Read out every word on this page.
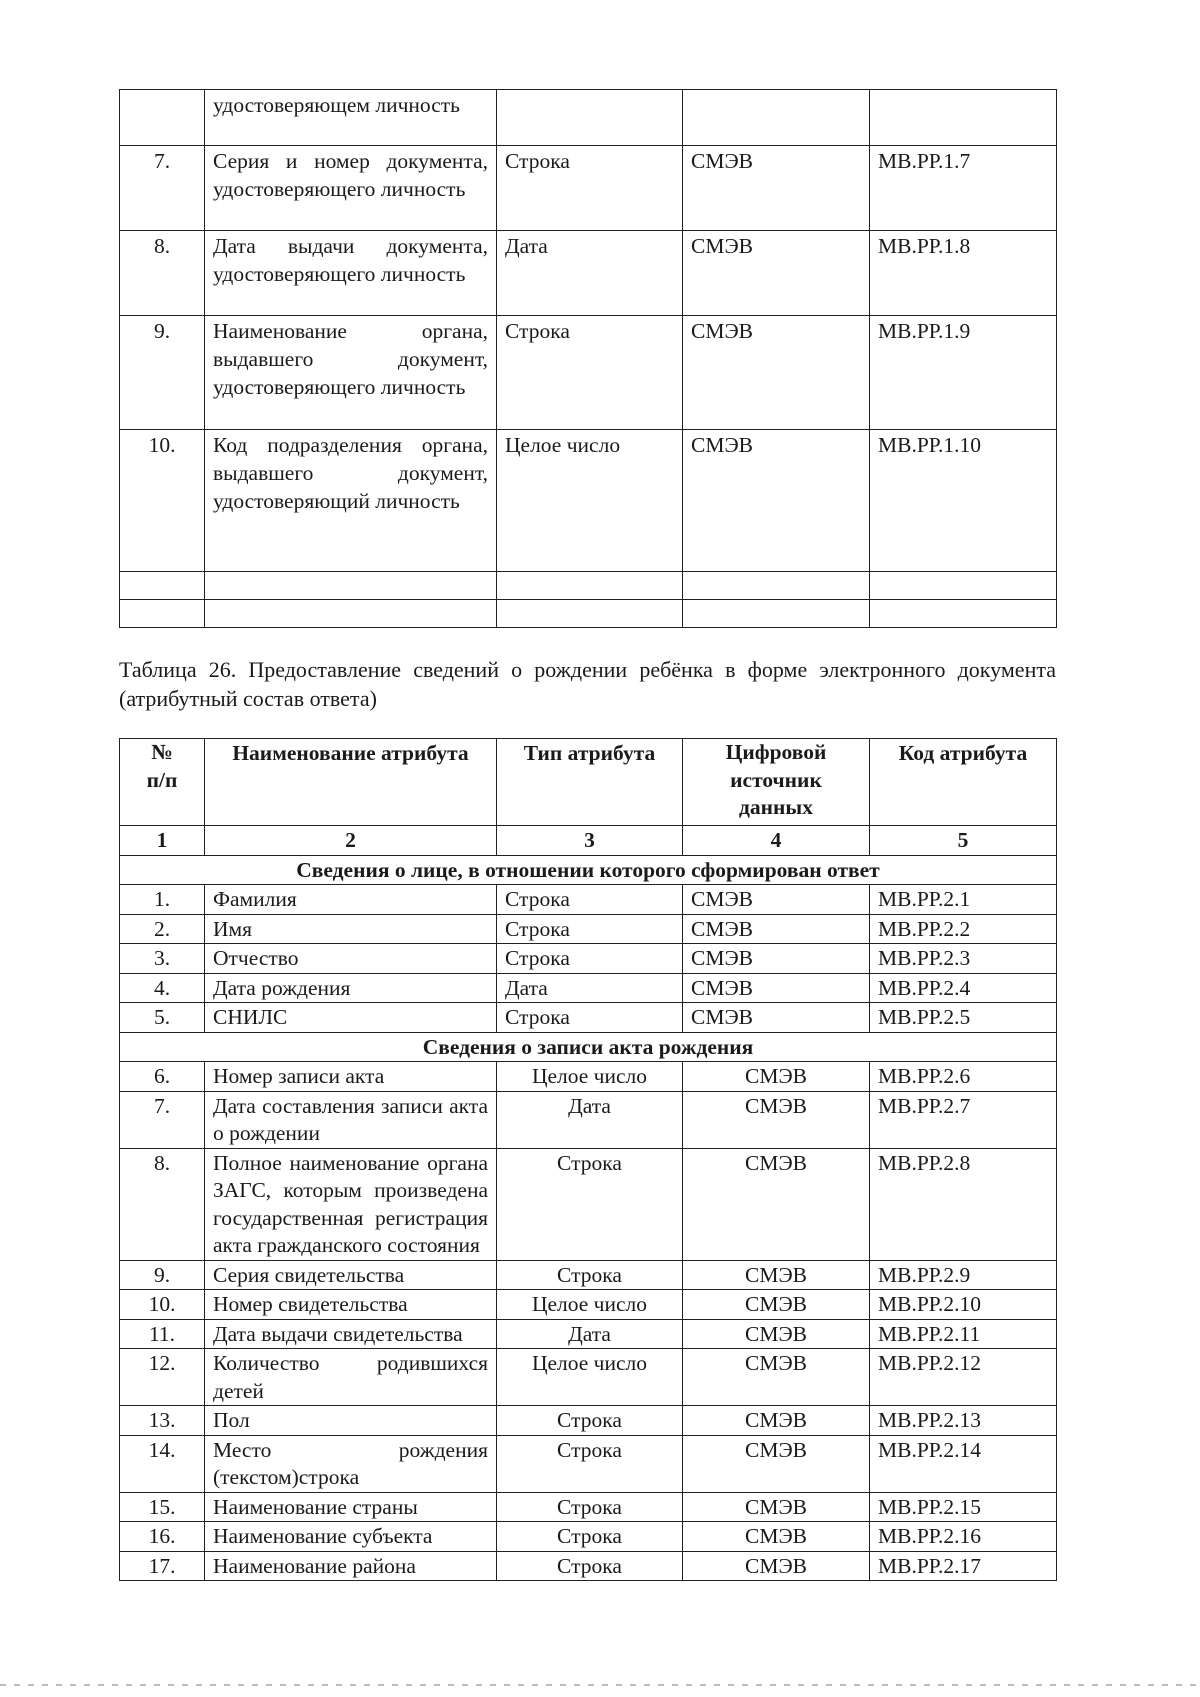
	удостоверяющем личность			
7.	Серия и номер документа, удостоверяющего личность	Строка	СМЭВ	МВ.РР.1.7
8.	Дата выдачи документа, удостоверяющего личность	Дата	СМЭВ	МВ.РР.1.8
9.	Наименование органа, выдавшего документ, удостоверяющего личность	Строка	СМЭВ	МВ.РР.1.9
10.	Код подразделения органа, выдавшего документ, удостоверяющий личность	Целое число	СМЭВ	МВ.РР.1.10

Таблица 26. Предоставление сведений о рождении ребёнка в форме электронного документа (атрибутный состав ответа)
№ п/п	Наименование атрибута	Тип атрибута	Цифровой источник данных	Код атрибута
1	2	3	4	5
Сведения о лице, в отношении которого сформирован ответ				
1.	Фамилия	Строка	СМЭВ	МВ.РР.2.1
2.	Имя	Строка	СМЭВ	МВ.РР.2.2
3.	Отчество	Строка	СМЭВ	МВ.РР.2.3
4.	Дата рождения	Дата	СМЭВ	МВ.РР.2.4
5.	СНИЛС	Строка	СМЭВ	МВ.РР.2.5
Сведения о записи акта рождения				
6.	Номер записи акта	Целое число	СМЭВ	МВ.РР.2.6
7.	Дата составления записи акта о рождении	Дата	СМЭВ	МВ.РР.2.7
8.	Полное наименование органа ЗАГС, которым произведена государственная регистрация акта гражданского состояния	Строка	СМЭВ	МВ.РР.2.8
9.	Серия свидетельства	Строка	СМЭВ	МВ.РР.2.9
10.	Номер свидетельства	Целое число	СМЭВ	МВ.РР.2.10
11.	Дата выдачи свидетельства	Дата	СМЭВ	МВ.РР.2.11
12.	Количество родившихся детей	Целое число	СМЭВ	МВ.РР.2.12
13.	Пол	Строка	СМЭВ	МВ.РР.2.13
14.	Место рождения (текстом)строка	Строка	СМЭВ	МВ.РР.2.14
15.	Наименование страны	Строка	СМЭВ	МВ.РР.2.15
16.	Наименование субъекта	Строка	СМЭВ	МВ.РР.2.16
17.	Наименование района	Строка	СМЭВ	МВ.РР.2.17
